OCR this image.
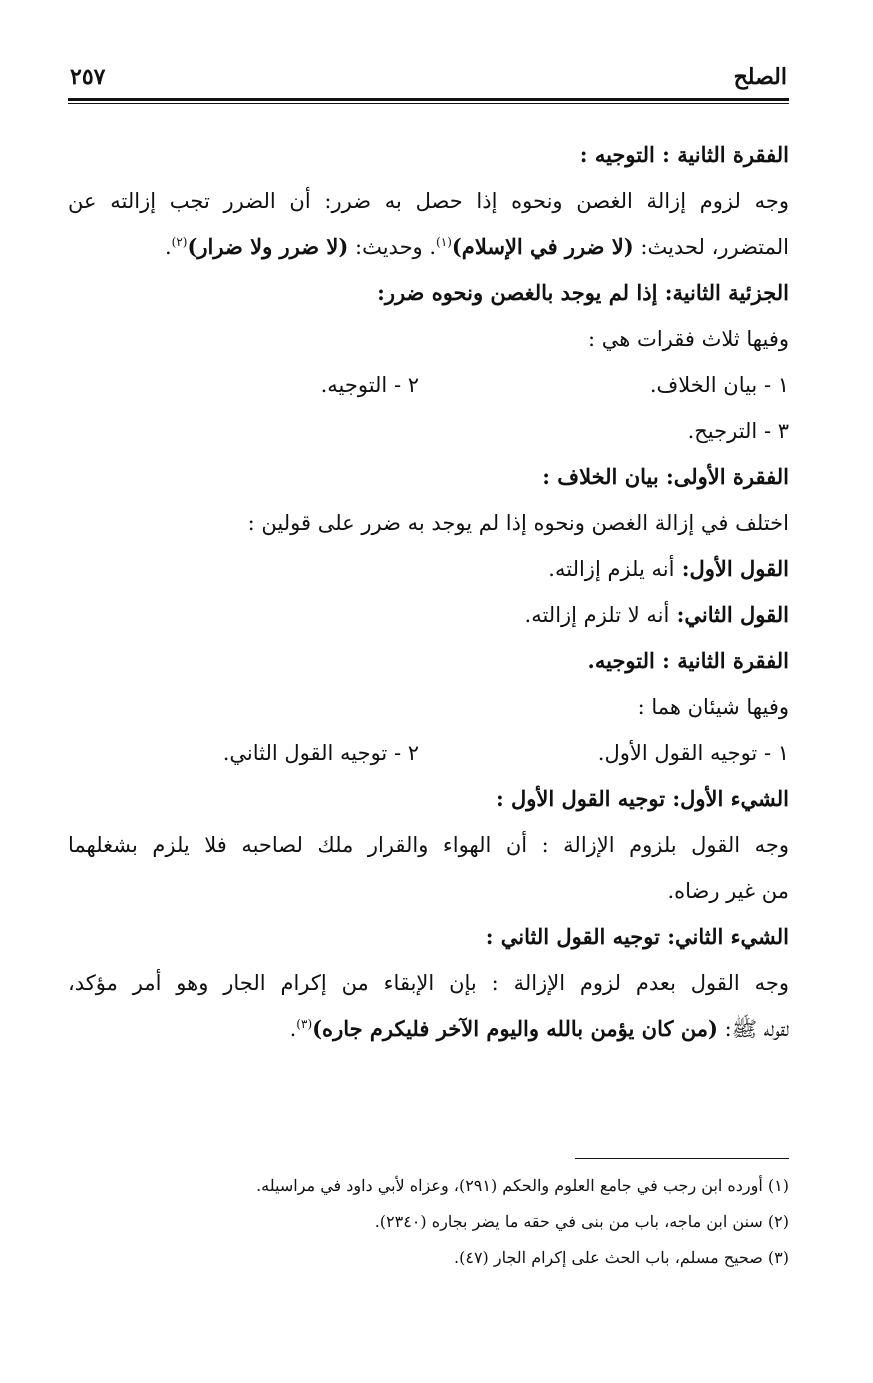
الصلح
٢٥٧
الفقرة الثانية : التوجيه :
وجه لزوم إزالة الغصن ونحوه إذا حصل به ضرر: أن الضرر تجب إزالته عن
المتضرر، لحديث: (لا ضرر في الإسلام)$^{(١)}$. وحديث: (لا ضرر ولا ضرار)$^{(٢)}$.
الجزئية الثانية: إذا لم يوجد بالغصن ونحوه ضرر:
وفيها ثلاث فقرات هي :
١ - بيان الخلاف.
٢ - التوجيه.
٣ - الترجيح.
الفقرة الأولى: بيان الخلاف :
اختلف في إزالة الغصن ونحوه إذا لم يوجد به ضرر على قولين :
القول الأول: أنه يلزم إزالته.
القول الثاني: أنه لا تلزم إزالته.
الفقرة الثانية : التوجيه.
وفيها شيئان هما :
١ - توجيه القول الأول.
٢ - توجيه القول الثاني.
الشيء الأول: توجيه القول الأول :
وجه القول بلزوم الإزالة : أن الهواء والقرار ملك لصاحبه فلا يلزم بشغلهما
من غير رضاه.
الشيء الثاني: توجيه القول الثاني :
وجه القول بعدم لزوم الإزالة : بإن الإبقاء من إكرام الجار وهو أمر مؤكد،
لقوله ﷺ: (من كان يؤمن بالله واليوم الآخر فليكرم جاره)$^{(٣)}$.
(١) أورده ابن رجب في جامع العلوم والحكم (٢٩١)، وعزاه لأبي داود في مراسيله.
(٢) سنن ابن ماجه، باب من بنى في حقه ما يضر بجاره (٢٣٤٠).
(٣) صحيح مسلم، باب الحث على إكرام الجار (٤٧).
